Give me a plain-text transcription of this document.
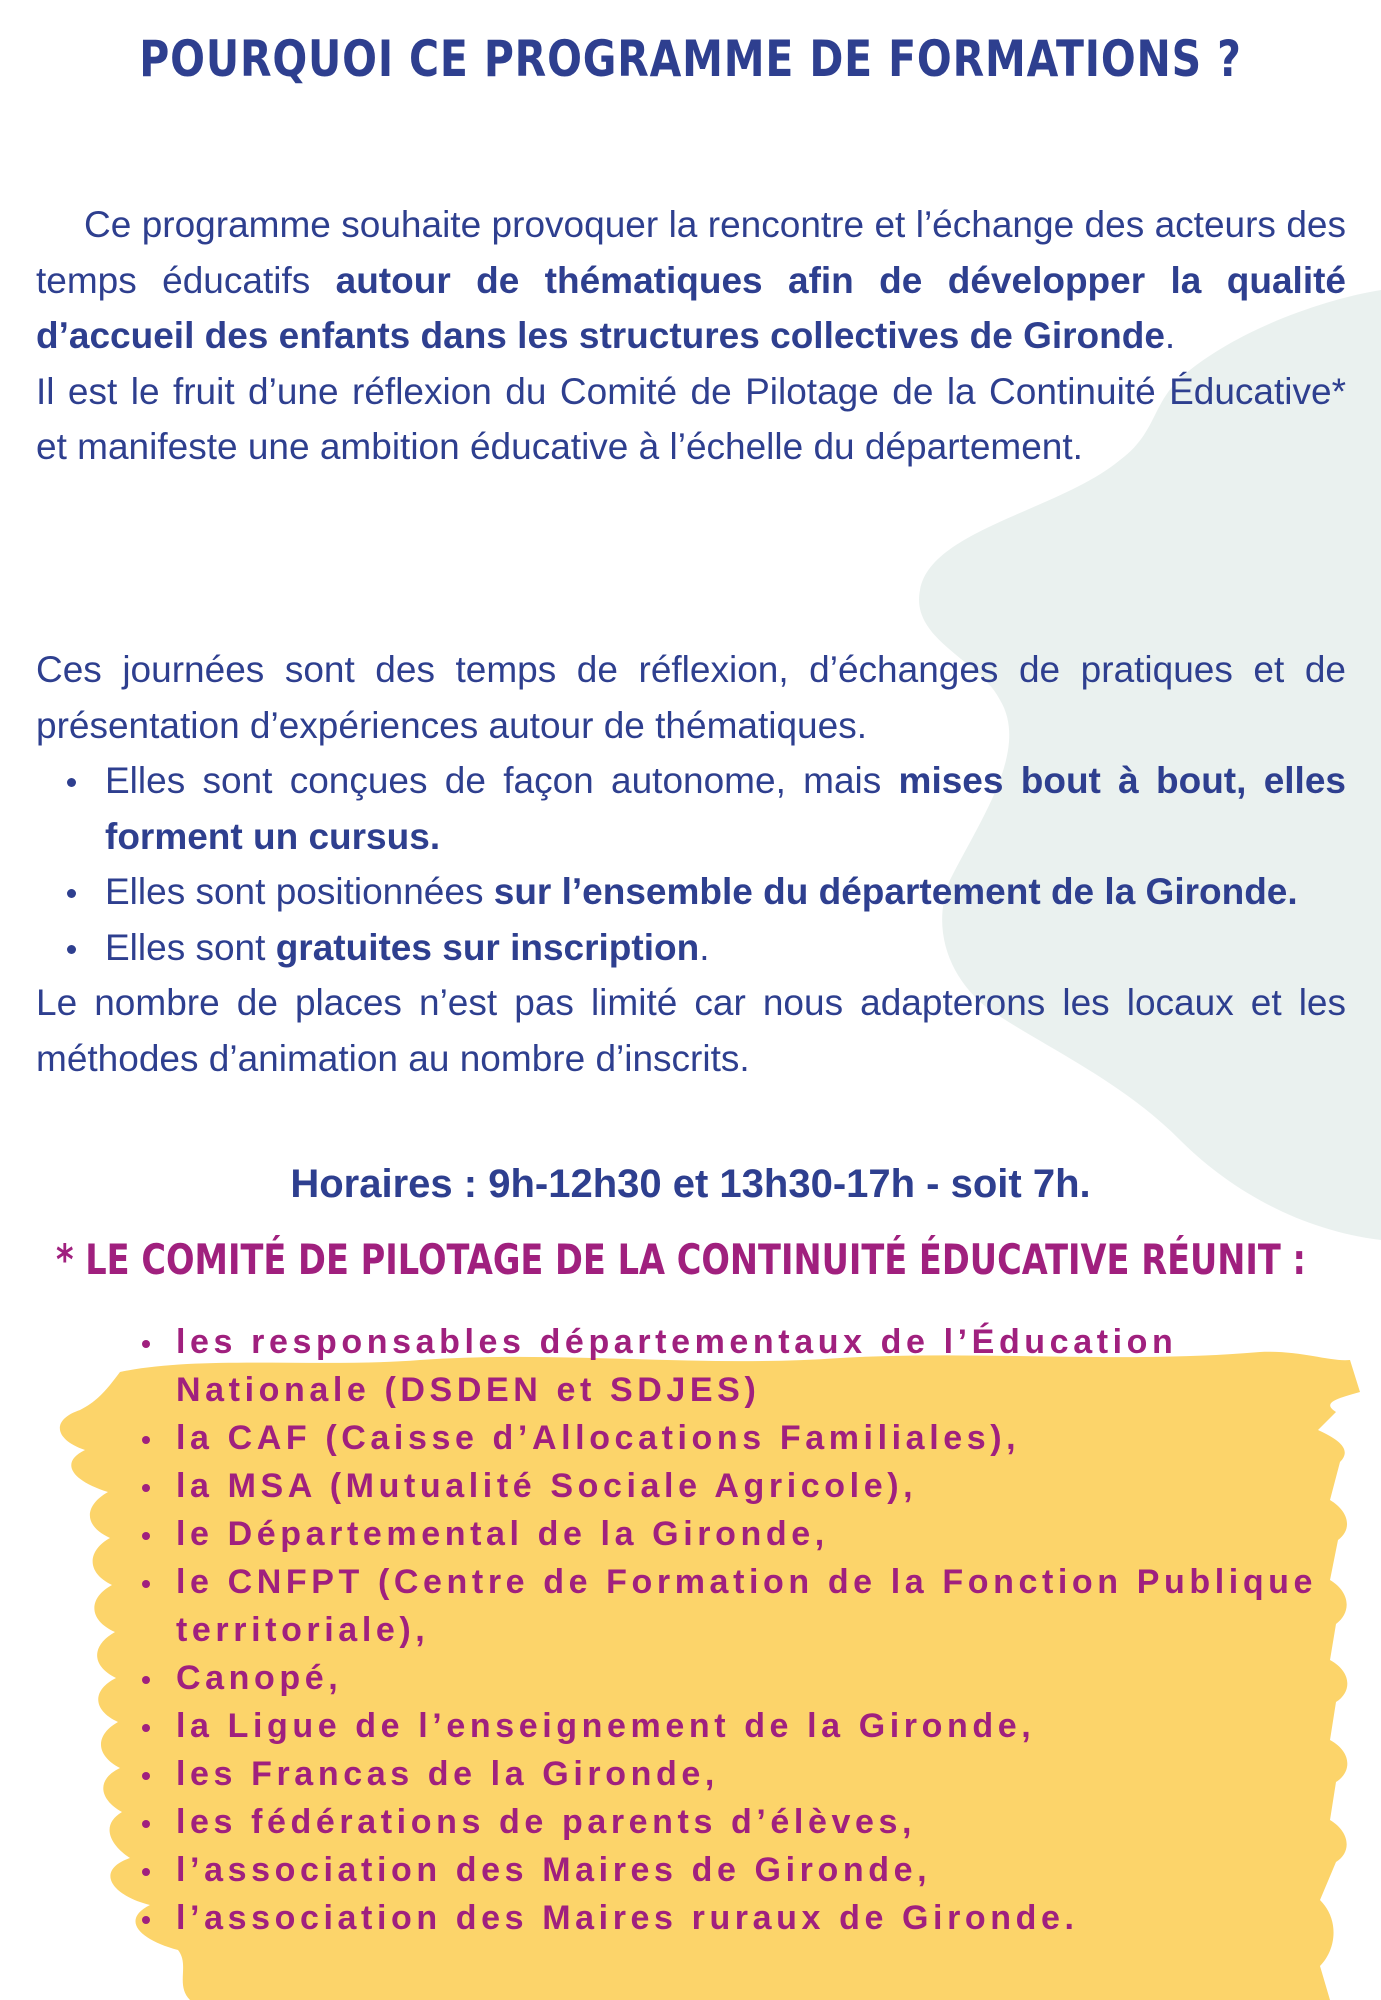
POURQUOI CE PROGRAMME DE FORMATIONS ?

Ce programme souhaite provoquer la rencontre et l’échange des acteurs des temps éducatifs autour de thématiques afin de développer la qualité d’accueil des enfants dans les structures collectives de Gironde.

Il est le fruit d’une réflexion du Comité de Pilotage de la Continuité Éducative* et manifeste une ambition éducative à l’échelle du département.

Ces journées sont des temps de réflexion, d’échanges de pratiques et de présentation d’expériences autour de thématiques.

Elles sont conçues de façon autonome, mais mises bout à bout, elles forment un cursus.
Elles sont positionnées sur l’ensemble du département de la Gironde.
Elles sont gratuites sur inscription.

Le nombre de places n’est pas limité car nous adapterons les locaux et les méthodes d’animation au nombre d’inscrits.

Horaires : 9h-12h30 et 13h30-17h - soit 7h.
* LE COMITÉ DE PILOTAGE DE LA CONTINUITÉ ÉDUCATIVE RÉUNIT :
les responsables départementaux de l’Éducation Nationale (DSDEN et SDJES)
la CAF (Caisse d’Allocations Familiales),
la MSA (Mutualité Sociale Agricole),
le Départemental de la Gironde,
le CNFPT (Centre de Formation de la Fonction Publique territoriale),
Canopé,
la Ligue de l’enseignement de la Gironde,
les Francas de la Gironde,
les fédérations de parents d’élèves,
l’association des Maires de Gironde,
l’association des Maires ruraux de Gironde.
